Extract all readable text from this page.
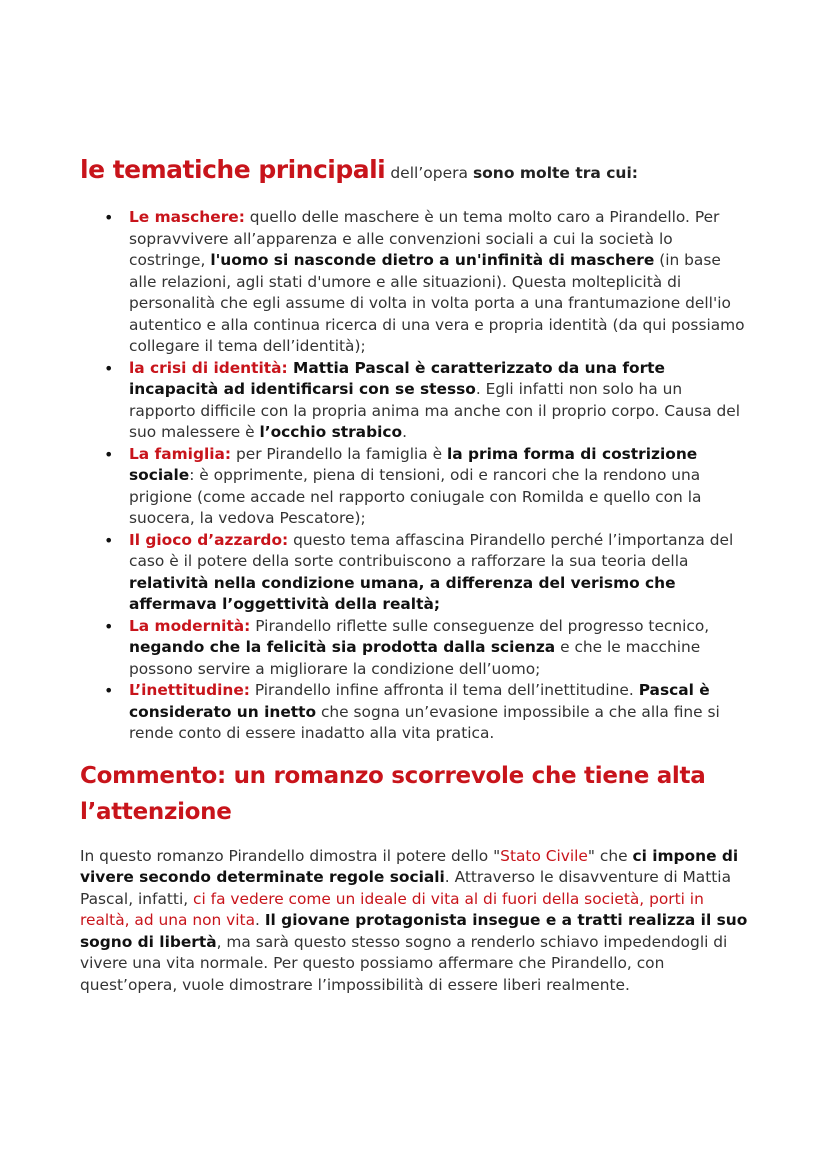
le tematiche principali dell’opera sono molte tra cui:

• Le maschere: quello delle maschere è un tema molto caro a Pirandello. Per sopravvivere all’apparenza e alle convenzioni sociali a cui la società lo costringe, l'uomo si nasconde dietro a un'infinità di maschere (in base alle relazioni, agli stati d'umore e alle situazioni). Questa molteplicità di personalità che egli assume di volta in volta porta a una frantumazione dell'io autentico e alla continua ricerca di una vera e propria identità (da qui possiamo collegare il tema dell’identità);
• la crisi di identità: Mattia Pascal è caratterizzato da una forte incapacità ad identificarsi con se stesso. Egli infatti non solo ha un rapporto difficile con la propria anima ma anche con il proprio corpo. Causa del suo malessere è l’occhio strabico.
• La famiglia: per Pirandello la famiglia è la prima forma di costrizione sociale: è opprimente, piena di tensioni, odi e rancori che la rendono una prigione (come accade nel rapporto coniugale con Romilda e quello con la suocera, la vedova Pescatore);
• Il gioco d’azzardo: questo tema affascina Pirandello perché l’importanza del caso è il potere della sorte contribuiscono a rafforzare la sua teoria della relatività nella condizione umana, a differenza del verismo che affermava l’oggettività della realtà;
• La modernità: Pirandello riflette sulle conseguenze del progresso tecnico, negando che la felicità sia prodotta dalla scienza e che le macchine possono servire a migliorare la condizione dell’uomo;
• L’inettitudine: Pirandello infine affronta il tema dell’inettitudine. Pascal è considerato un inetto che sogna un’evasione impossibile a che alla fine si rende conto di essere inadatto alla vita pratica.
Commento: un romanzo scorrevole che tiene alta l’attenzione

In questo romanzo Pirandello dimostra il potere dello "Stato Civile" che ci impone di vivere secondo determinate regole sociali. Attraverso le disavventure di Mattia Pascal, infatti, ci fa vedere come un ideale di vita al di fuori della società, porti in realtà, ad una non vita. Il giovane protagonista insegue e a tratti realizza il suo sogno di libertà, ma sarà questo stesso sogno a renderlo schiavo impedendogli di vivere una vita normale. Per questo possiamo affermare che Pirandello, con quest’opera, vuole dimostrare l’impossibilità di essere liberi realmente.
